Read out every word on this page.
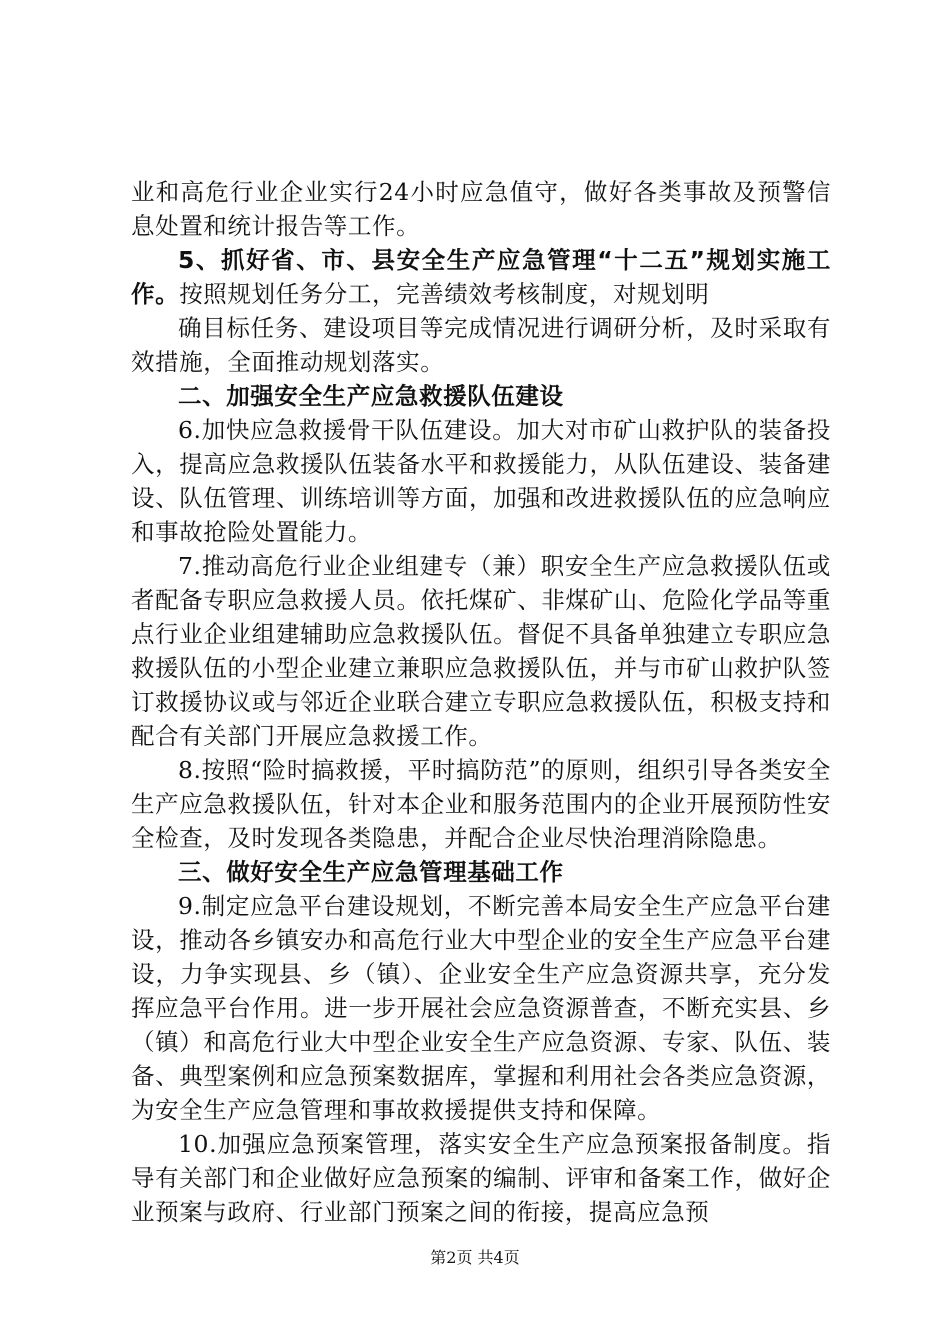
业和高危行业企业实行24小时应急值守，做好各类事故及预警信息处置和统计报告等工作。

5、抓好省、市、县安全生产应急管理“十二五”规划实施工作。按照规划任务分工，完善绩效考核制度，对规划明

确目标任务、建设项目等完成情况进行调研分析，及时采取有效措施，全面推动规划落实。

二、加强安全生产应急救援队伍建设

6.加快应急救援骨干队伍建设。加大对市矿山救护队的装备投入，提高应急救援队伍装备水平和救援能力，从队伍建设、装备建设、队伍管理、训练培训等方面，加强和改进救援队伍的应急响应和事故抢险处置能力。

7.推动高危行业企业组建专（兼）职安全生产应急救援队伍或者配备专职应急救援人员。依托煤矿、非煤矿山、危险化学品等重点行业企业组建辅助应急救援队伍。督促不具备单独建立专职应急救援队伍的小型企业建立兼职应急救援队伍，并与市矿山救护队签订救援协议或与邻近企业联合建立专职应急救援队伍，积极支持和配合有关部门开展应急救援工作。

8.按照“险时搞救援，平时搞防范”的原则，组织引导各类安全生产应急救援队伍，针对本企业和服务范围内的企业开展预防性安全检查，及时发现各类隐患，并配合企业尽快治理消除隐患。

三、做好安全生产应急管理基础工作

9.制定应急平台建设规划，不断完善本局安全生产应急平台建设，推动各乡镇安办和高危行业大中型企业的安全生产应急平台建设，力争实现县、乡（镇）、企业安全生产应急资源共享，充分发挥应急平台作用。进一步开展社会应急资源普查，不断充实县、乡（镇）和高危行业大中型企业安全生产应急资源、专家、队伍、装备、典型案例和应急预案数据库，掌握和利用社会各类应急资源，为安全生产应急管理和事故救援提供支持和保障。

10.加强应急预案管理，落实安全生产应急预案报备制度。指导有关部门和企业做好应急预案的编制、评审和备案工作，做好企业预案与政府、行业部门预案之间的衔接，提高应急预

第2页 共4页
